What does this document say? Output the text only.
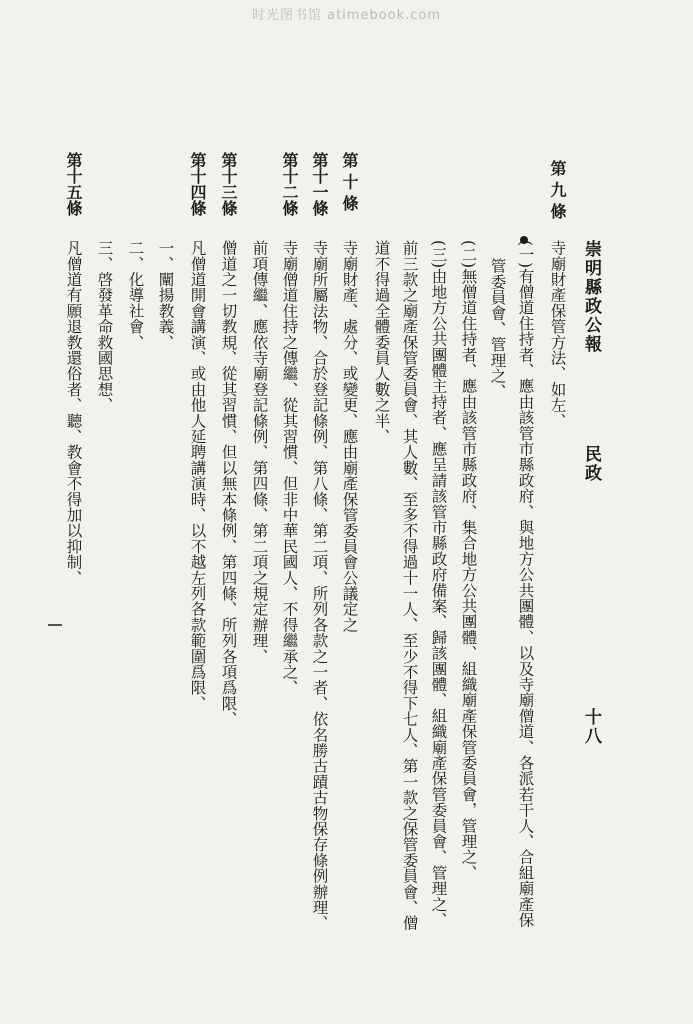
时光图书馆 atimebook.com
崇明縣政公報
民政
十八
第 九 條
寺廟財產保管方法、如左、
(一)有僧道住持者、應由該管市縣政府、與地方公共團體、以及寺廟僧道、各派若干人、合組廟產保
管委員會、管理之、
(二)無僧道住持者、應由該管市縣政府、集合地方公共團體、組織廟產保管委員會，管理之、
(三)由地方公共團體主持者、應呈請該管市縣政府備案、歸該團體、組織廟產保管委員會、管理之、
前三款之廟產保管委員會、其人數、至多不得過十一人、至少不得下七人、第一款之保管委員會、僧
道不得過全體委員人數之半、
第 十 條
寺廟財產、處分、或變更、應由廟產保管委員會公議定之
第十一條
寺廟所屬法物、合於登記條例、第八條、第二項、所列各款之一者、依名勝古蹟古物保存條例辦理、
第十二條
寺廟僧道住持之傳繼、從其習慣、但非中華民國人、不得繼承之、
前項傳繼、應依寺廟登記條例、第四條、第二項之規定辦理、
第十三條
僧道之一切教規、從其習慣、但以無本條例、第四條、所列各項爲限、
第十四條
凡僧道開會講演、或由他人延聘講演時、以不越左列各款範圍爲限、
一、闡揚教義、
二、化導社會、
三、啓發革命救國思想、
第十五條
凡僧道有願退教還俗者、聽、教會不得加以抑制、
